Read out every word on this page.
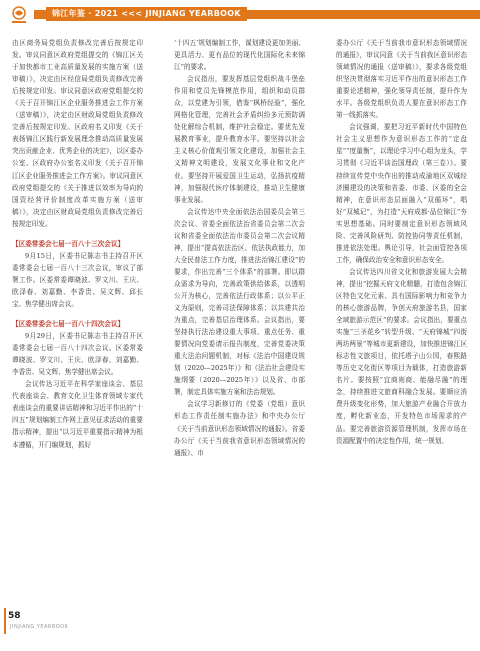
锦江年鉴 · 2021 <<< JINJIANG YEARBOOK

由区商务局党组负责修改完善后按规定印发。审议同意区政府党组提交的《锦江区关于加快都市工业高质量发展的实施方案（送审稿）》，决定由区经信局党组负责修改完善后按规定印发。审议同意区政府党组提交的《关于召开锦江区企业服务推进会工作方案（送审稿）》，决定由区财政局党组负责修改完善后按规定印发。区政府名义印发《关于表扬锦江区践行新发展理念推动高质量发展突出贡献企业、优秀企业的决定》，以区委办公室、区政府办公室名义印发《关于召开锦江区企业服务推进会工作方案》。审议同意区政府党组提交的《关于推进以效率为导向的国资经营评价制度改革实施方案（送审稿）》，决定由区财政局党组负责修改完善后按规定印发。

【区委常委会七届一百八十三次会议】

9月15日，区委书记陈志书主持召开区委常委会七届一百八十三次会议，审议了部署工作。区委常委谭晓波、罗文川、王庆、欧泽春、刘嘉勤、李香贵、吴文辉、邱长宝、焦学健出席会议。

【区委常委会七届一百八十四次会议】

9月29日，区委书记陈志书主持召开区委常委会七届一百八十四次会议。区委常委谭晓波、罗文川、王庆、欧泽春、刘嘉勤、李香贵、吴文辉、焦学健出席会议。

会议传达习近平在科学家座谈会、基层代表座谈会、教育文化卫生体育领域专家代表座谈会的重要讲话精神和习近平作出的“十四五”规划编制工作网上意见征求活动的重要指示精神，提出“以习近平重要指示精神为根本遵循，开门编规划，抓好

‘十四五’规划编制工作，谋划建设更加美丽、更具活力、更有品位的现代化国际化未来锦江”的要求。

会议指出，要发挥基层党组织战斗堡垒作用和党员先锋模范作用，组织和动员群众，以党建为引领，借鉴“枫桥经验”，强化网格化管理，完善社会矛盾纠纷多元预防调处化解综合机制，维护社会稳定。要优先发展教育事业，提升教育水平。要坚持以社会主义核心价值观引领文化建设，加强社会主义精神文明建设，发展文化事业和文化产业。要坚持开展爱国卫生运动，弘扬抗疫精神，加强现代医疗体制建设，推动卫生健康事业发展。

会议传达中央全面依法治国委员会第三次会议、省委全面依法治省委员会第二次会议和省委全面依法治市委员会第二次会议精神，提出“提高依法治区、依法执政能力，加大全民普法工作力度，推进法治锦江建设”的要求，作出完善“三个体系”的部署。即以群众需求为导向，完善政策供给体系，以透明公开为核心，完善依法行政体系；以公平正义为原则，完善司法保障体系；以共建共治为重点，完善基层治理体系。会议指出，要坚持执行法治建设重大事项、重点任务、重要情况向党委请示报告制度，完善党委决策重大法治问题机制，对标《法治中国建设规划（2020—2025年）》和《法治社会建设实施纲要（2020—2025年）》以及省、市部署，制定具体实施方案和法治规划。

会议学习新修订的《党委（党组）意识形态工作责任制实施办法》和中央办公厅《关于当前意识形态领域情况的通报》。省委办公厅《关于当前我省意识形态领域情况的通报》、市

委办公厅《关于当前我市意识形态领域情况的通报》，审议同意《关于当前我区意识形态领域情况的通报（送审稿）》，要求各级党组织坚决贯彻落实习近平作出的意识形态工作重要论述精神，强化领导责任制，提升作为水平。各级党组织负责人要在意识形态工作第一线抓落实。

会议强调，要把习近平新时代中国特色社会主义思想作为意识形态工作的“定盘星”“度量衡”，以理论学习中心组为龙头，学习贯彻《习近平谈治国理政（第三卷）》。要持续宣传党中央作出的推动成渝地区双城经济圈建设的决策和省委、市委、区委的全会精神，在意识形态层面融入“双循环”，唱好“双城记”，为打造“天府成都·品位锦江”夯实思想基础。同时要制定意识形态领域风险、完善风险研判、防控协同等责任机制，推进依法处理。舆论引导，社会面管控各项工作，确保政治安全和意识形态安全。

会议传达四川省文化和旅游发展大会精神，提出“挖掘天府文化精髓，打造包含锦江区特色文化元素、具有国际影响力和竞争力的核心旅游品牌，争创天府旅游名县，国家全域旅游示范区”的要求。会议指出，要重点实施“三圣花乡”转型升级、“天府锦城”四街两坊两景”等城市更新建设，加快推进锦江区标志性文旅项目，依托塔子山公园，春熙路等历史文化街区等项目为载体，打造旅游新名片。要按照“宜商则商、能融尽融”的理念，持续推进文旅商科融合发展。要顺应消费升级变化形势，加大旅游产业融合开放力度，孵化新业态，开发特色市场需求的产品。要完善旅游资源管理机制，发挥市场在资源配置中的决定性作用，统一规划、

58
JINJIANG YEARBOOK
